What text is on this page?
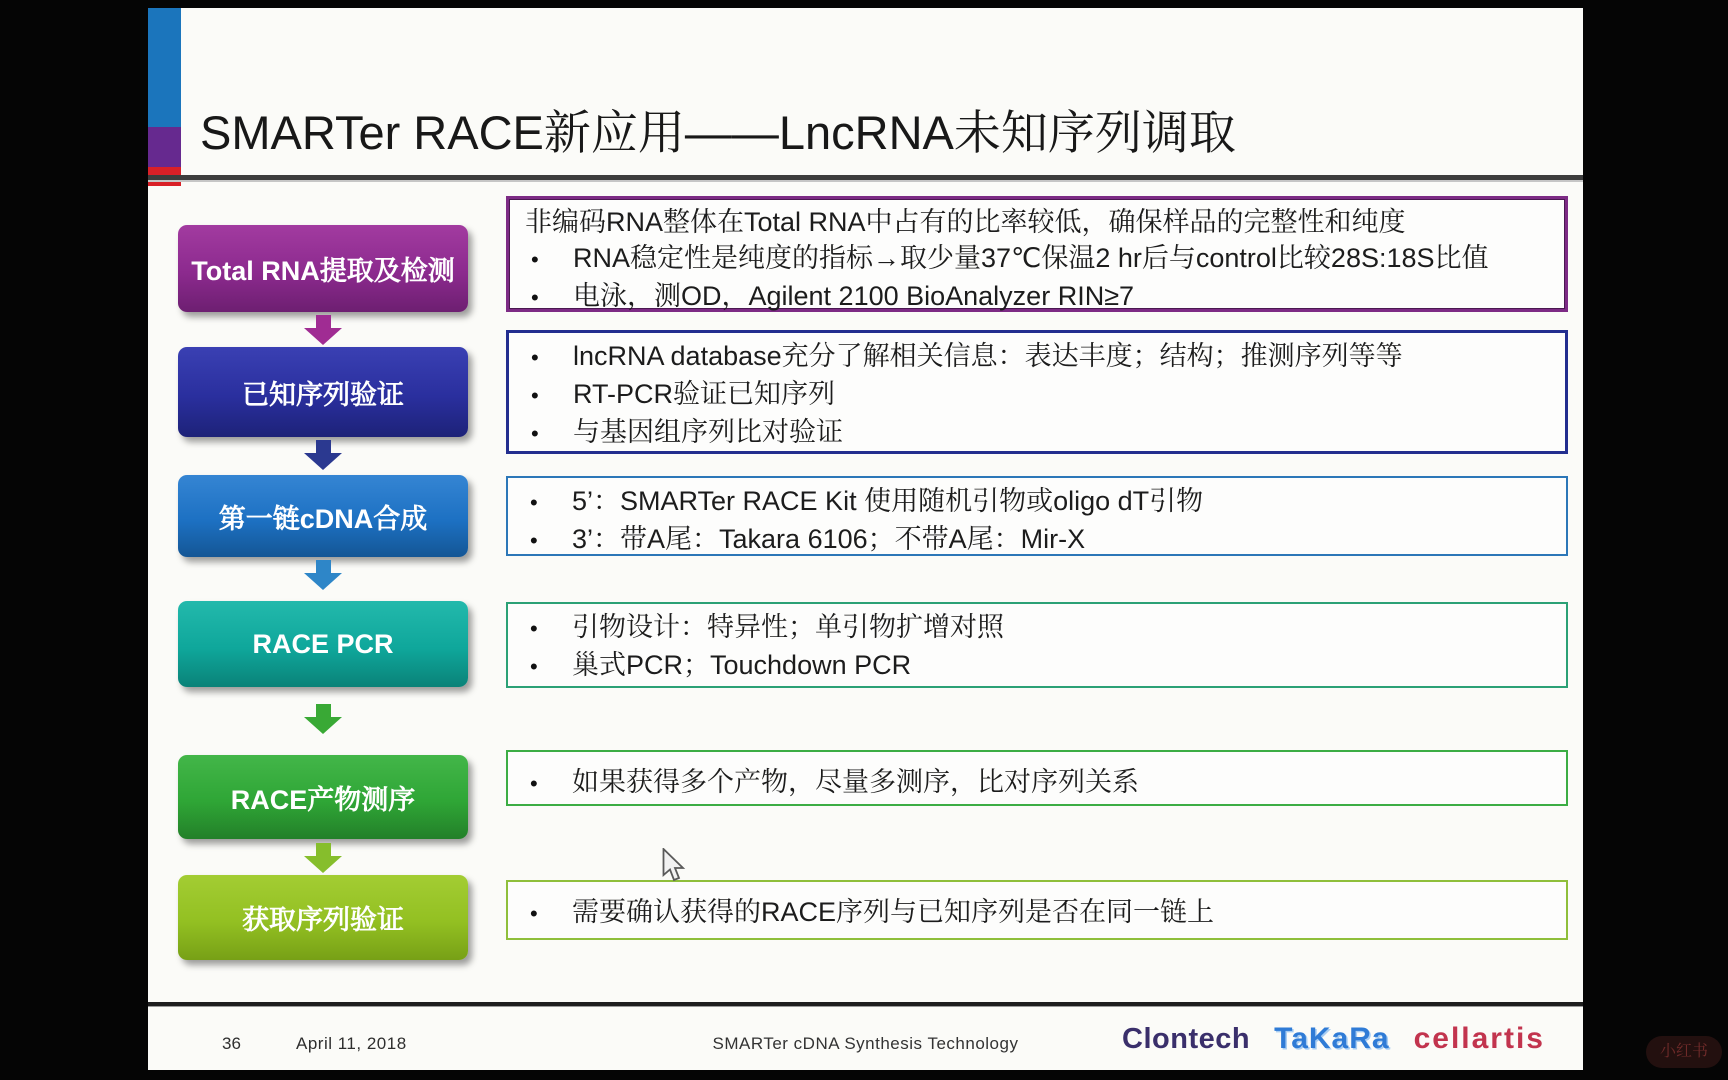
SMARTer RACE新应用——LncRNA未知序列调取
Total RNA提取及检测
已知序列验证
第一链cDNA合成
RACE PCR
RACE产物测序
获取序列验证
非编码RNA整体在Total RNA中占有的比率较低，确保样品的完整性和纯度
•	RNA稳定性是纯度的指标→取少量37℃保温2 hr后与control比较28S:18S比值
•	电泳，测OD，Agilent 2100 BioAnalyzer RIN≥7
•	lncRNA database充分了解相关信息：表达丰度；结构；推测序列等等
•	RT-PCR验证已知序列
•	与基因组序列比对验证
•	5’：SMARTer RACE Kit 使用随机引物或oligo dT引物
•	3’：带A尾：Takara 6106；不带A尾：Mir-X
•	引物设计：特异性；单引物扩增对照
•	巢式PCR；Touchdown PCR
•	如果获得多个产物，尽量多测序，比对序列关系
•	需要确认获得的RACE序列与已知序列是否在同一链上
36	April 11, 2018	SMARTer cDNA Synthesis Technology	Clontech TaKaRa cellartis	小红书
